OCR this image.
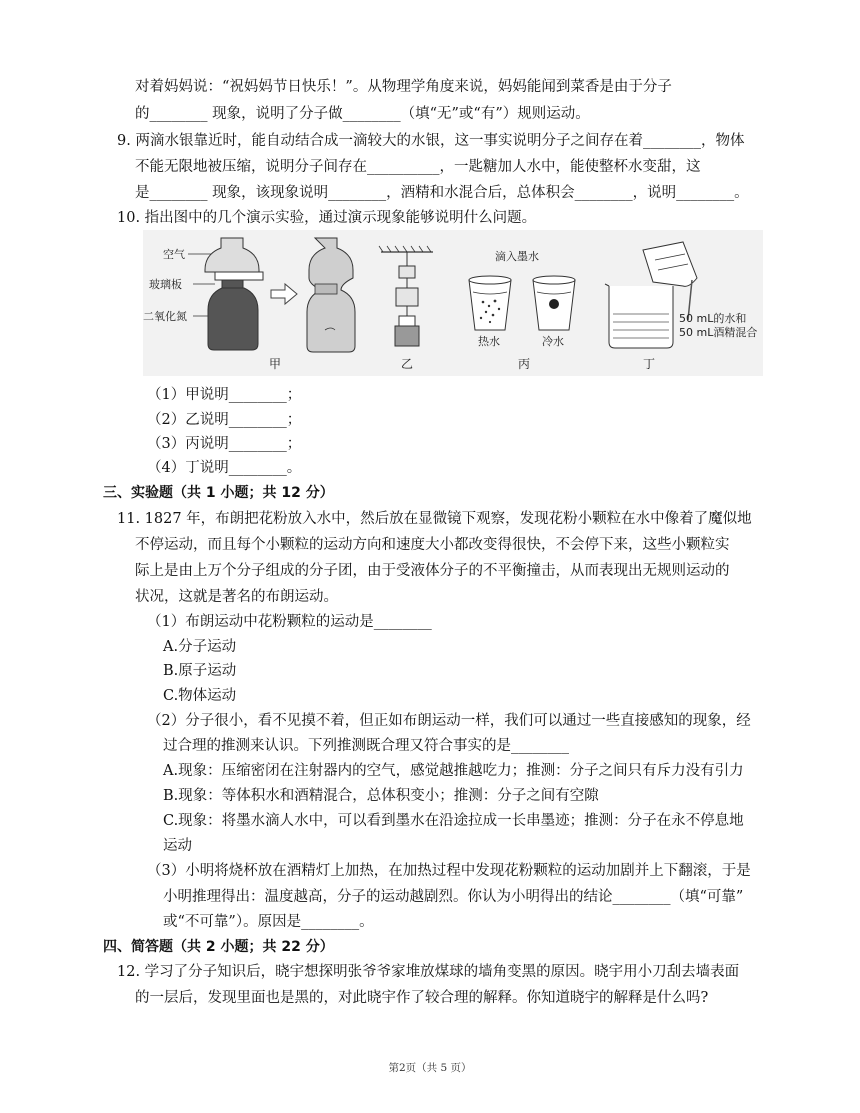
对着妈妈说：“祝妈妈节日快乐！”。从物理学角度来说，妈妈能闻到菜香是由于分子
的________ 现象，说明了分子做________（填“无”或“有”）规则运动。
9. 两滴水银靠近时，能自动结合成一滴较大的水银，这一事实说明分子之间存在着________，物体
不能无限地被压缩，说明分子间存在__________，一匙糖加人水中，能使整杯水变甜，这
是________ 现象，该现象说明________，酒精和水混合后，总体积会________，说明________。
10. 指出图中的几个演示实验，通过演示现象能够说明什么问题。
空气
玻璃板
二氧化氮
滴入墨水
热水	冷水
50 mL的水和
50 mL酒精混合
甲	乙	丙	丁
（1）甲说明________；
（2）乙说明________；
（3）丙说明________；
（4）丁说明________。
三、实验题（共 1 小题；共 12 分）
11. 1827 年，布朗把花粉放入水中，然后放在显微镜下观察，发现花粉小颗粒在水中像着了魔似地
不停运动，而且每个小颗粒的运动方向和速度大小都改变得很快，不会停下来，这些小颗粒实
际上是由上万个分子组成的分子团，由于受液体分子的不平衡撞击，从而表现出无规则运动的
状况，这就是著名的布朗运动。
（1）布朗运动中花粉颗粒的运动是________
A.分子运动
B.原子运动
C.物体运动
（2）分子很小，看不见摸不着，但正如布朗运动一样，我们可以通过一些直接感知的现象，经
过合理的推测来认识。下列推测既合理又符合事实的是________
A.现象：压缩密闭在注射器内的空气，感觉越推越吃力；推测：分子之间只有斥力没有引力
B.现象：等体积水和酒精混合，总体积变小；推测：分子之间有空隙
C.现象：将墨水滴人水中，可以看到墨水在沿途拉成一长串墨迹；推测：分子在永不停息地
运动
（3）小明将烧杯放在酒精灯上加热，在加热过程中发现花粉颗粒的运动加剧并上下翻滚，于是
小明推理得出：温度越高，分子的运动越剧烈。你认为小明得出的结论________（填“可靠”
或“不可靠”）。原因是________。
四、简答题（共 2 小题；共 22 分）
12. 学习了分子知识后，晓宇想探明张爷爷家堆放煤球的墙角变黑的原因。晓宇用小刀刮去墙表面
的一层后，发现里面也是黑的，对此晓宇作了较合理的解释。你知道晓宇的解释是什么吗?
第2页（共 5 页）
